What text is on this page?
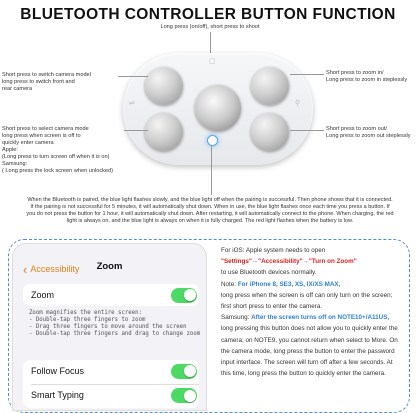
BLUETOOTH CONTROLLER BUTTON FUNCTION
Long press (on/off), short press to shoot
▢
⇌	⚲
Short press to switch camera model
long press to switch front and
rear camera
Short press to select camera mode
long press when screen is off to
quickly enter camera
Apple:
(Long press to turn screen off when it is on)
Samsung:
( Long press the lock screen when unlocked)
Short press to zoom in/
Long press to zoom in steplessly
Short press to zoom out/
Long press to zoom out steplessly
When the Bluetooth is paired, the blue light flashes slowly, and the blue light off when the pairing is successful. Then phone shows that it is connected. If the pairing is not successful for 5 minutes, it will automatically shut down. When in use, the blue light flashes once each time you press a button. If you do not press the button for 1 hour, it will automatically shut down. After restarting, it will automatically connect to the phone. When charging, the red light is always on, and the blue light is always on when it is fully charged. The red light flashes when the battery is low.
‹ Accessibility	Zoom
Zoom
Zoom magnifies the entire screen:
- Double-tap three fingers to zoom
- Drag three fingers to move around the screen
- Double-tap three fingers and drag to change zoom
Follow Focus
Smart Typing
For iOS: Apple system needs to open
"Settings"→"Accessibility"→"Turn on Zoom"
to use Bluetooth devices normally.
Note: For iPhone 8, SE3, XS, IX/XS MAX,
long press when the screen is off can only turn on the screen; first short press to enter the camera.
Samsung: After the screen turns off on NOTE10+/A11US,
long pressing this button does not allow you to quickly enter the camera; on NOTE9, you cannot return when select to More. On the camera mode, long press the button to enter the password input interface. The screen will turn off after a few seconds. At this time, long press the button to quickly enter the camera.
